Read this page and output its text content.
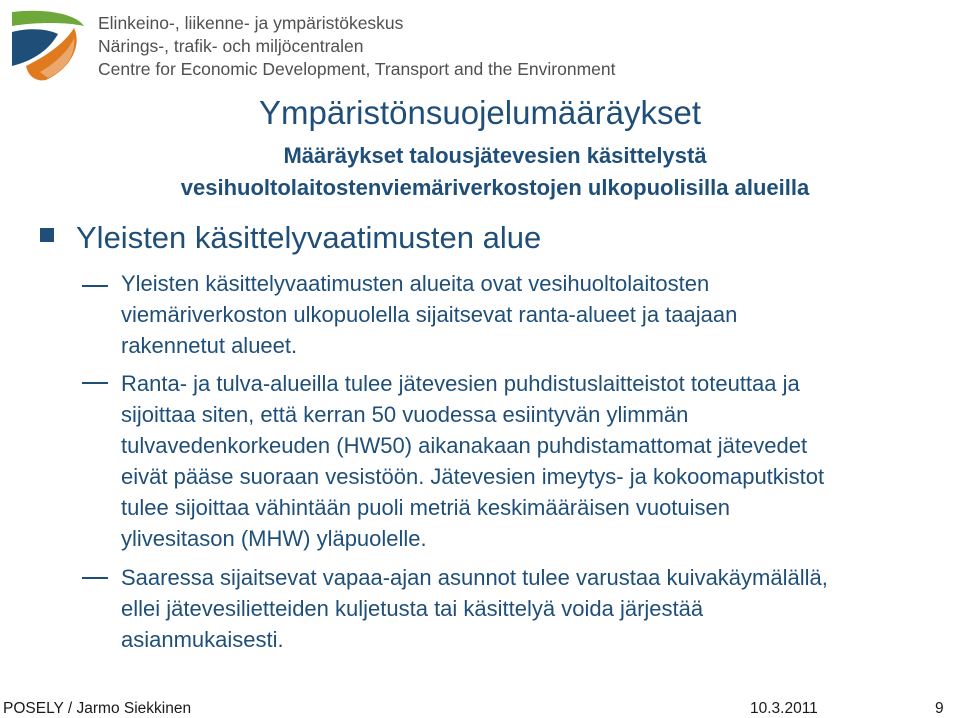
Elinkeino-, liikenne- ja ympäristökeskus
Närings-, trafik- och miljöcentralen
Centre for Economic Development, Transport and the Environment
Ympäristönsuojelumääräykset
Määräykset talousjätevesien käsittelystä
vesihuoltolaitostenviemäriverkostojen ulkopuolisilla alueilla
Yleisten käsittelyvaatimusten alue
Yleisten käsittelyvaatimusten alueita ovat vesihuoltolaitosten
viemäriverkoston ulkopuolella sijaitsevat ranta-alueet ja taajaan
rakennetut alueet.
Ranta- ja tulva-alueilla tulee jätevesien puhdistuslaitteistot toteuttaa ja
sijoittaa siten, että kerran 50 vuodessa esiintyvän ylimmän
tulvavedenkorkeuden (HW50) aikanakaan puhdistamattomat jätevedet
eivät pääse suoraan vesistöön. Jätevesien imeytys- ja kokoomaputkistot
tulee sijoittaa vähintään puoli metriä keskimääräisen vuotuisen
ylivesitason (MHW) yläpuolelle.
Saaressa sijaitsevat vapaa-ajan asunnot tulee varustaa kuivakäymälällä,
ellei jätevesilietteiden kuljetusta tai käsittelyä voida järjestää
asianmukaisesti.
POSELY / Jarmo Siekkinen	10.3.2011	9
